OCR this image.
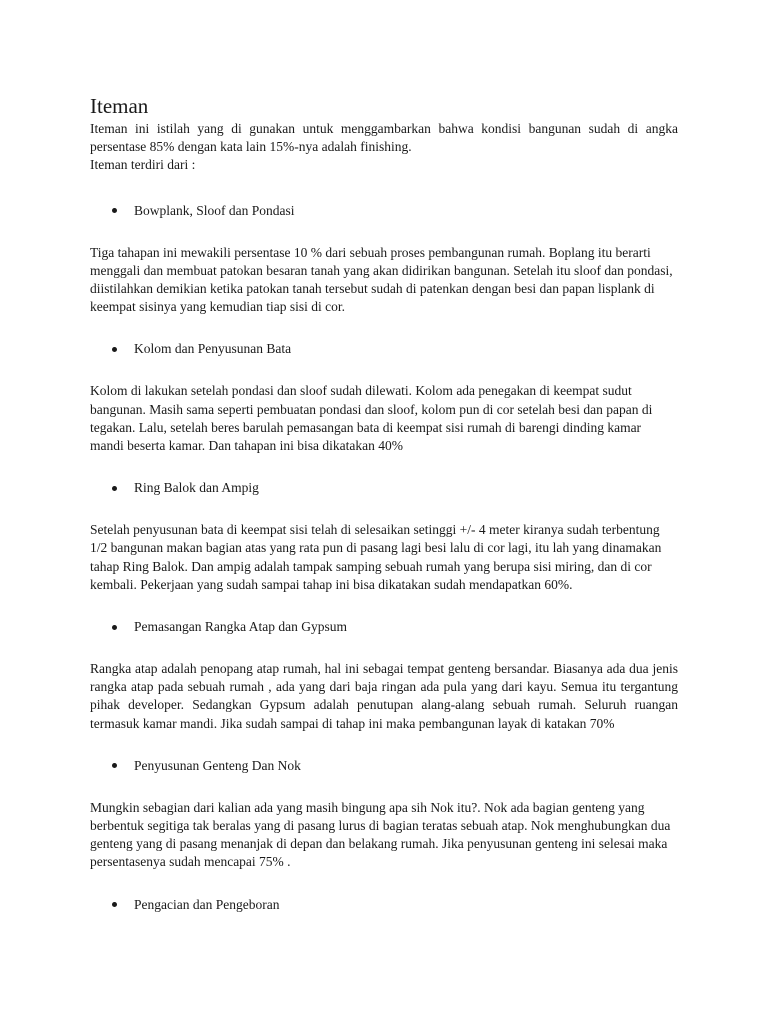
Iteman

Iteman ini istilah yang di gunakan untuk menggambarkan bahwa kondisi bangunan sudah di angka persentase 85% dengan kata lain 15%-nya adalah finishing.

Iteman terdiri dari :

Bowplank, Sloof dan Pondasi

Tiga tahapan ini mewakili persentase 10 % dari sebuah proses pembangunan rumah. Boplang itu berarti menggali dan membuat patokan besaran tanah yang akan didirikan bangunan. Setelah itu sloof dan pondasi, diistilahkan demikian ketika patokan tanah tersebut sudah di patenkan dengan besi dan papan lisplank di keempat sisinya yang kemudian tiap sisi di cor.

Kolom dan Penyusunan Bata

Kolom di lakukan setelah pondasi dan sloof sudah dilewati. Kolom ada penegakan di keempat sudut bangunan. Masih sama seperti pembuatan pondasi dan sloof, kolom pun di cor setelah besi dan papan di tegakan. Lalu, setelah beres barulah pemasangan bata di keempat sisi rumah di barengi dinding kamar mandi beserta kamar. Dan tahapan ini bisa dikatakan 40%

Ring Balok dan Ampig

Setelah penyusunan bata di keempat sisi telah di selesaikan setinggi +/- 4 meter kiranya sudah terbentung 1/2 bangunan makan bagian atas yang rata pun di pasang lagi besi lalu di cor lagi, itu lah yang dinamakan tahap Ring Balok. Dan ampig adalah tampak samping sebuah rumah yang berupa sisi miring, dan di cor kembali. Pekerjaan yang sudah sampai tahap ini bisa dikatakan sudah mendapatkan 60%.

Pemasangan Rangka Atap dan Gypsum

Rangka atap adalah penopang atap rumah, hal ini sebagai tempat genteng bersandar. Biasanya ada dua jenis rangka atap pada sebuah rumah , ada yang dari baja ringan ada pula yang dari kayu. Semua itu tergantung pihak developer. Sedangkan Gypsum adalah penutupan alang-alang sebuah rumah. Seluruh ruangan termasuk kamar mandi. Jika sudah sampai di tahap ini maka pembangunan layak di katakan 70%

Penyusunan Genteng Dan Nok

Mungkin sebagian dari kalian ada yang masih bingung apa sih Nok itu?. Nok ada bagian genteng yang berbentuk segitiga tak beralas yang di pasang lurus di bagian teratas sebuah atap. Nok menghubungkan dua genteng yang di pasang menanjak di depan dan belakang rumah. Jika penyusunan genteng ini selesai maka persentasenya sudah mencapai 75% .

Pengacian dan Pengeboran
